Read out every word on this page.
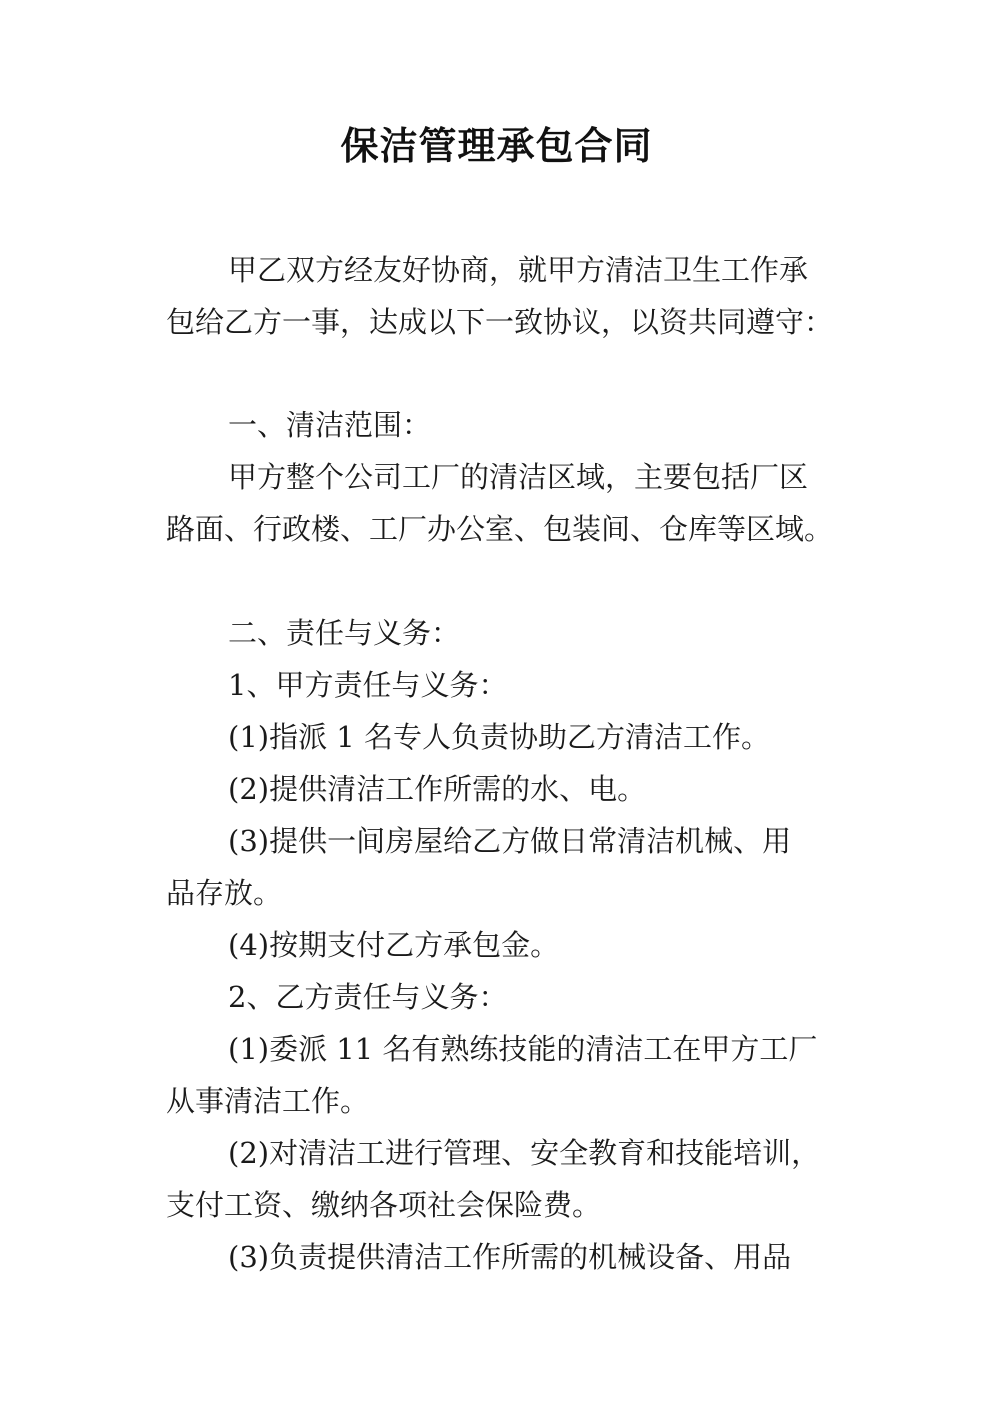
保洁管理承包合同
甲乙双方经友好协商，就甲方清洁卫生工作承
包给乙方一事，达成以下一致协议，以资共同遵守：
一、清洁范围：
甲方整个公司工厂的清洁区域，主要包括厂区
路面、行政楼、工厂办公室、包装间、仓库等区域。
二、责任与义务：
1、甲方责任与义务：
(1)指派 1 名专人负责协助乙方清洁工作。
(2)提供清洁工作所需的水、电。
(3)提供一间房屋给乙方做日常清洁机械、用
品存放。
(4)按期支付乙方承包金。
2、乙方责任与义务：
(1)委派 11 名有熟练技能的清洁工在甲方工厂
从事清洁工作。
(2)对清洁工进行管理、安全教育和技能培训，
支付工资、缴纳各项社会保险费。
(3)负责提供清洁工作所需的机械设备、用品
